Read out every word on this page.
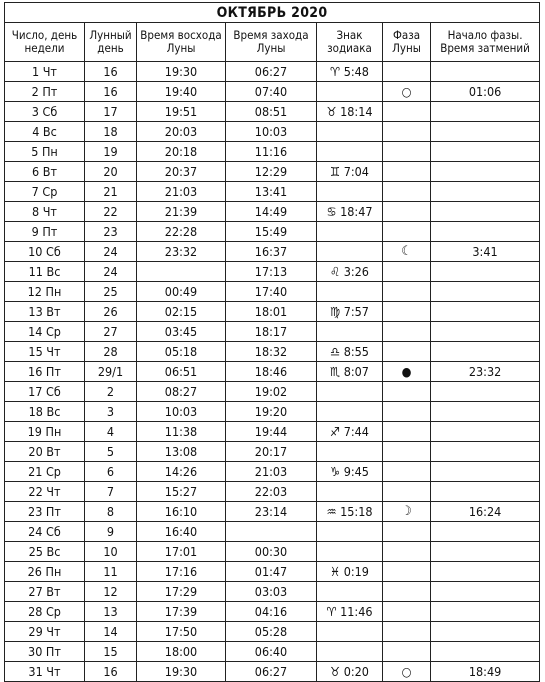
ОКТЯБРЬ 2020						
Число, день недели	Лунный день	Время восхода Луны	Время захода Луны	Знак зодиака	Фаза Луны	Начало фазы. Время затмений
1 Чт	16	19:30	06:27	♈ 5:48		
2 Пт	16	19:40	07:40		○	01:06
3 Сб	17	19:51	08:51	♉ 18:14		
4 Вс	18	20:03	10:03			
5 Пн	19	20:18	11:16			
6 Вт	20	20:37	12:29	♊ 7:04		
7 Ср	21	21:03	13:41			
8 Чт	22	21:39	14:49	♋ 18:47		
9 Пт	23	22:28	15:49			
10 Сб	24	23:32	16:37		☾	3:41
11 Вс	24		17:13	♌ 3:26		
12 Пн	25	00:49	17:40			
13 Вт	26	02:15	18:01	♍ 7:57		
14 Ср	27	03:45	18:17			
15 Чт	28	05:18	18:32	♎ 8:55		
16 Пт	29/1	06:51	18:46	♏ 8:07	●	23:32
17 Сб	2	08:27	19:02			
18 Вс	3	10:03	19:20			
19 Пн	4	11:38	19:44	♐ 7:44		
20 Вт	5	13:08	20:17			
21 Ср	6	14:26	21:03	♑ 9:45		
22 Чт	7	15:27	22:03			
23 Пт	8	16:10	23:14	♒ 15:18	☽	16:24
24 Сб	9	16:40				
25 Вс	10	17:01	00:30			
26 Пн	11	17:16	01:47	♓ 0:19		
27 Вт	12	17:29	03:03			
28 Ср	13	17:39	04:16	♈ 11:46		
29 Чт	14	17:50	05:28			
30 Пт	15	18:00	06:40			
31 Чт	16	19:30	06:27	♉ 0:20	○	18:49
